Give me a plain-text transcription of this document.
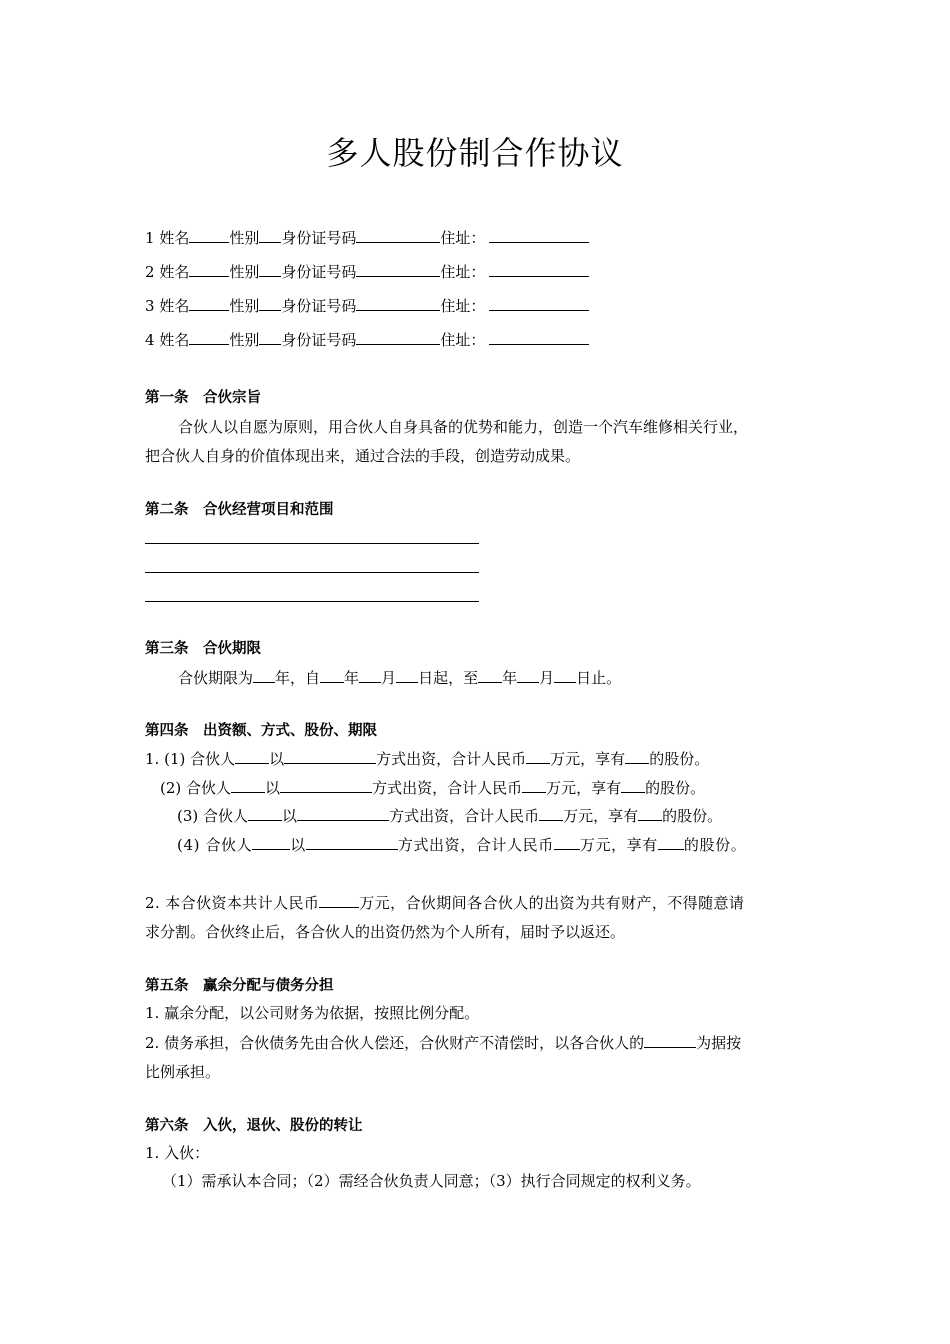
多人股份制合作协议
1 姓名	性别 身份证号码	住址：
2 姓名	性别 身份证号码	住址：
3 姓名	性别 身份证号码	住址：
4 姓名	性别 身份证号码	住址：
第一条　合伙宗旨
合伙人以自愿为原则，用合伙人自身具备的优势和能力，创造一个汽车维修相关行业，
把合伙人自身的价值体现出来，通过合法的手段，创造劳动成果。
第二条　合伙经营项目和范围
第三条　合伙期限
合伙期限为 年，自 年 月 日起，至 年 月 日止。
第四条　出资额、方式、股份、期限
1. (1) 合伙人 以	方式出资，合计人民币 万元，享有 的股份。
(2) 合伙人 以	方式出资，合计人民币 万元，享有 的股份。
(3) 合伙人 以	方式出资，合计人民币 万元，享有 的股份。
(4) 合伙人	以	方式出资，合计人民币 万元，享有 的股份。
2. 本合伙资本共计人民币	万元，合伙期间各合伙人的出资为共有财产，不得随意请
求分割。合伙终止后，各合伙人的出资仍然为个人所有，届时予以返还。
第五条　赢余分配与债务分担
1. 赢余分配，以公司财务为依据，按照比例分配。
2. 债务承担，合伙债务先由合伙人偿还，合伙财产不清偿时，以各合伙人的	为据按
比例承担。
第六条　入伙，退伙、股份的转让
1. 入伙：
（1）需承认本合同；（2）需经合伙负责人同意；（3）执行合同规定的权利义务。
